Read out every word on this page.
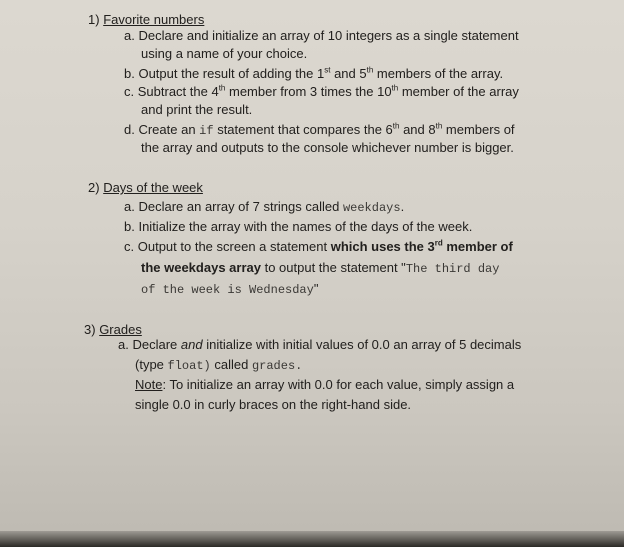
1) Favorite numbers
a. Declare and initialize an array of 10 integers as a single statement
using a name of your choice.
b. Output the result of adding the 1st and 5th members of the array.
c. Subtract the 4th member from 3 times the 10th member of the array
and print the result.
d. Create an if statement that compares the 6th and 8th members of
the array and outputs to the console whichever number is bigger.
2) Days of the week
a. Declare an array of 7 strings called weekdays.
b. Initialize the array with the names of the days of the week.
c. Output to the screen a statement which uses the 3rd member of
the weekdays array to output the statement "The third day
of the week is Wednesday"
3) Grades
a. Declare and initialize with initial values of 0.0 an array of 5 decimals
(type float) called grades.
Note: To initialize an array with 0.0 for each value, simply assign a
single 0.0 in curly braces on the right-hand side.
